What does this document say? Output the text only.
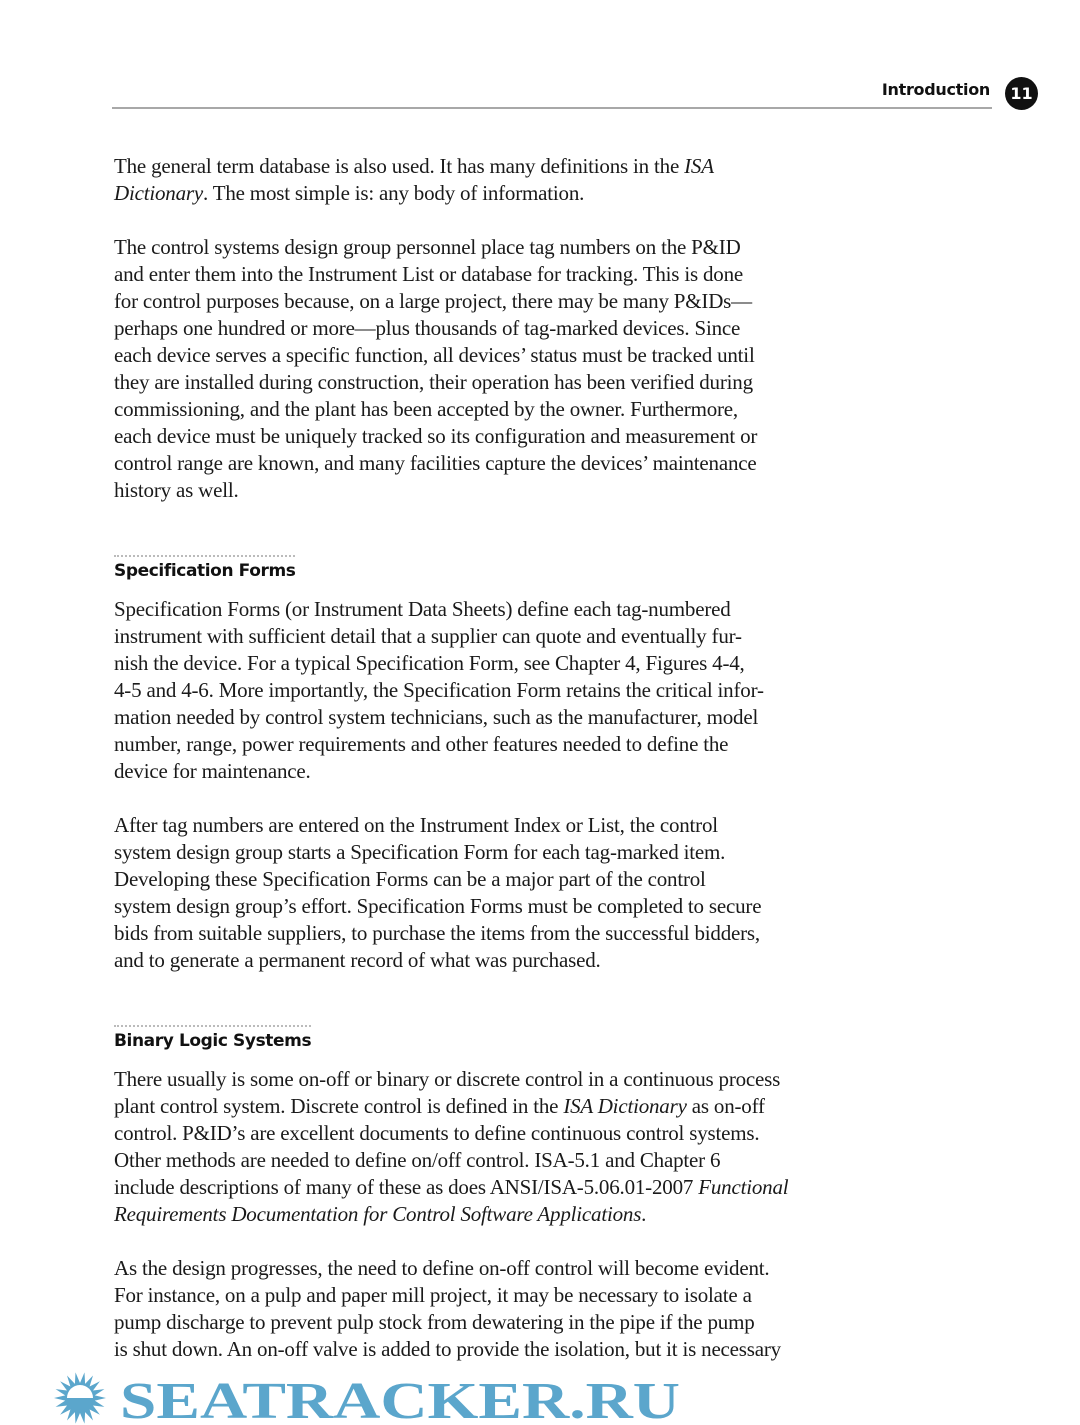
Introduction	11
The general term database is also used. It has many definitions in the ISA
Dictionary. The most simple is: any body of information.
The control systems design group personnel place tag numbers on the P&ID
and enter them into the Instrument List or database for tracking. This is done
for control purposes because, on a large project, there may be many P&IDs—
perhaps one hundred or more—plus thousands of tag-marked devices. Since
each device serves a specific function, all devices’ status must be tracked until
they are installed during construction, their operation has been verified during
commissioning, and the plant has been accepted by the owner. Furthermore,
each device must be uniquely tracked so its configuration and measurement or
control range are known, and many facilities capture the devices’ maintenance
history as well.
Specification Forms
Specification Forms (or Instrument Data Sheets) define each tag-numbered
instrument with sufficient detail that a supplier can quote and eventually fur-
nish the device. For a typical Specification Form, see Chapter 4, Figures 4-4,
4-5 and 4-6. More importantly, the Specification Form retains the critical infor-
mation needed by control system technicians, such as the manufacturer, model
number, range, power requirements and other features needed to define the
device for maintenance.
After tag numbers are entered on the Instrument Index or List, the control
system design group starts a Specification Form for each tag-marked item.
Developing these Specification Forms can be a major part of the control
system design group’s effort. Specification Forms must be completed to secure
bids from suitable suppliers, to purchase the items from the successful bidders,
and to generate a permanent record of what was purchased.
Binary Logic Systems
There usually is some on-off or binary or discrete control in a continuous process
plant control system. Discrete control is defined in the ISA Dictionary as on-off
control. P&ID’s are excellent documents to define continuous control systems.
Other methods are needed to define on/off control. ISA-5.1 and Chapter 6
include descriptions of many of these as does ANSI/ISA-5.06.01-2007 Functional
Requirements Documentation for Control Software Applications.
As the design progresses, the need to define on-off control will become evident.
For instance, on a pulp and paper mill project, it may be necessary to isolate a
pump discharge to prevent pulp stock from dewatering in the pipe if the pump
is shut down. An on-off valve is added to provide the isolation, but it is necessary
SEATRACKER.RU
